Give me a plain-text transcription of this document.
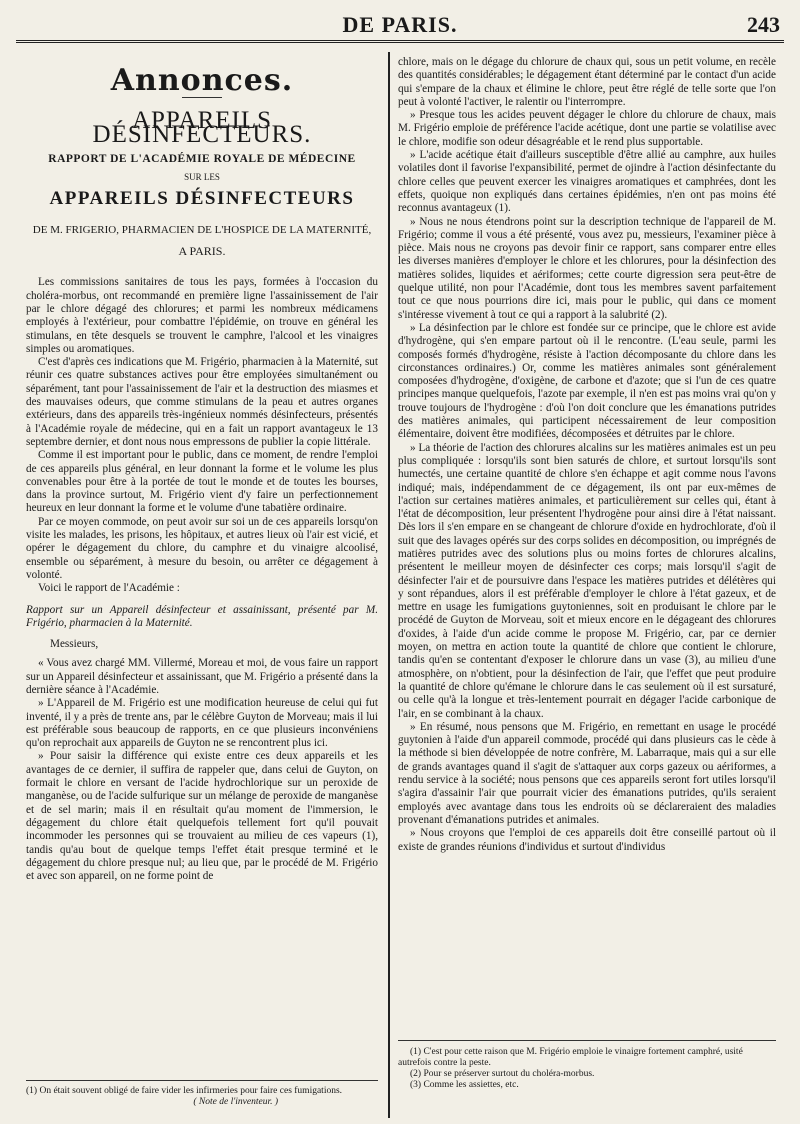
DE PARIS.	243
Annonces.
APPAREILS DÉSINFECTEURS.
RAPPORT DE L'ACADÉMIE ROYALE DE MÉDECINE
SUR LES
APPAREILS DÉSINFECTEURS
DE M. FRIGERIO, PHARMACIEN DE L'HOSPICE DE LA MATERNITÉ,
A PARIS.

Les commissions sanitaires de tous les pays, formées à l'occasion du choléra-morbus, ont recommandé en première ligne l'assainissement de l'air par le chlore dégagé des chlorures; et parmi les nombreux médicamens employés à l'extérieur, pour combattre l'épidémie, on trouve en général les stimulans, en tête desquels se trouvent le camphre, l'alcool et les vinaigres simples ou aromatiques.

C'est d'après ces indications que M. Frigério, pharmacien à la Maternité, sut réunir ces quatre substances actives pour être employées simultanément ou séparément, tant pour l'assainissement de l'air et la destruction des miasmes et des mauvaises odeurs, que comme stimulans de la peau et autres organes extérieurs, dans des appareils très-ingénieux nommés désinfecteurs, présentés à l'Académie royale de médecine, qui en a fait un rapport avantageux le 13 septembre dernier, et dont nous nous empressons de publier la copie littérale.

Comme il est important pour le public, dans ce moment, de rendre l'emploi de ces appareils plus général, en leur donnant la forme et le volume les plus convenables pour être à la portée de tout le monde et de toutes les bourses, dans la province surtout, M. Frigério vient d'y faire un perfectionnement heureux en leur donnant la forme et le volume d'une tabatière ordinaire.

Par ce moyen commode, on peut avoir sur soi un de ces appareils lorsqu'on visite les malades, les prisons, les hôpitaux, et autres lieux où l'air est vicié, et opérer le dégagement du chlore, du camphre et du vinaigre alcoolisé, ensemble ou séparément, à mesure du besoin, ou arrêter ce dégagement à volonté.

Voici le rapport de l'Académie :

Rapport sur un Appareil désinfecteur et assainissant, présenté par M. Frigério, pharmacien à la Maternité.

Messieurs,

« Vous avez chargé MM. Villermé, Moreau et moi, de vous faire un rapport sur un Appareil désinfecteur et assainissant, que M. Frigério a présenté dans la dernière séance à l'Académie.

» L'Appareil de M. Frigério est une modification heureuse de celui qui fut inventé, il y a près de trente ans, par le célèbre Guyton de Morveau; mais il lui est préférable sous beaucoup de rapports, en ce que plusieurs inconvéniens qu'on reprochait aux appareils de Guyton ne se rencontrent plus ici.

» Pour saisir la différence qui existe entre ces deux appareils et les avantages de ce dernier, il suffira de rappeler que, dans celui de Guyton, on formait le chlore en versant de l'acide hydrochlorique sur un peroxide de manganèse, ou de l'acide sulfurique sur un mélange de peroxide de manganèse et de sel marin; mais il en résultait qu'au moment de l'immersion, le dégagement du chlore était quelquefois tellement fort qu'il pouvait incommoder les personnes qui se trouvaient au milieu de ces vapeurs (1), tandis qu'au bout de quelque temps l'effet était presque terminé et le dégagement du chlore presque nul; au lieu que, par le procédé de M. Frigério et avec son appareil, on ne forme point de

(1) On était souvent obligé de faire vider les infirmeries pour faire ces fumigations.
( Note de l'inventeur. )

chlore, mais on le dégage du chlorure de chaux qui, sous un petit volume, en recèle des quantités considérables; le dégagement étant déterminé par le contact d'un acide qui s'empare de la chaux et élimine le chlore, peut être réglé de telle sorte que l'on peut à volonté l'activer, le ralentir ou l'interrompre.

» Presque tous les acides peuvent dégager le chlore du chlorure de chaux, mais M. Frigério emploie de préférence l'acide acétique, dont une partie se volatilise avec le chlore, modifie son odeur désagréable et le rend plus supportable.

» L'acide acétique était d'ailleurs susceptible d'être allié au camphre, aux huiles volatiles dont il favorise l'expansibilité, permet de ojindre à l'action désinfectante du chlore celles que peuvent exercer les vinaigres aromatiques et camphrées, dont les effets, quoique non expliqués dans certaines épidémies, n'en ont pas moins été reconnus avantageux (1).

» Nous ne nous étendrons point sur la description technique de l'appareil de M. Frigério; comme il vous a été présenté, vous avez pu, messieurs, l'examiner pièce à pièce. Mais nous ne croyons pas devoir finir ce rapport, sans comparer entre elles les diverses manières d'employer le chlore et les chlorures, pour la désinfection des matières solides, liquides et aériformes; cette courte digression sera peut-être de quelque utilité, non pour l'Académie, dont tous les membres savent parfaitement tout ce que nous pourrions dire ici, mais pour le public, qui dans ce moment s'intéresse vivement à tout ce qui a rapport à la salubrité (2).

» La désinfection par le chlore est fondée sur ce principe, que le chlore est avide d'hydrogène, qui s'en empare partout où il le rencontre. (L'eau seule, parmi les composés formés d'hydrogène, résiste à l'action décomposante du chlore dans les circonstances ordinaires.) Or, comme les matières animales sont généralement composées d'hydrogène, d'oxigène, de carbone et d'azote; que si l'un de ces quatre principes manque quelquefois, l'azote par exemple, il n'en est pas moins vrai qu'on y trouve toujours de l'hydrogène : d'où l'on doit conclure que les émanations putrides des matières animales, qui participent nécessairement de leur composition élémentaire, doivent être modifiées, décomposées et détruites par le chlore.

» La théorie de l'action des chlorures alcalins sur les matières animales est un peu plus compliquée : lorsqu'ils sont bien saturés de chlore, et surtout lorsqu'ils sont humectés, une certaine quantité de chlore s'en échappe et agit comme nous l'avons indiqué; mais, indépendamment de ce dégagement, ils ont par eux-mêmes de l'action sur certaines matières animales, et particulièrement sur celles qui, étant à l'état de décomposition, leur présentent l'hydrogène pour ainsi dire à l'état naissant. Dès lors il s'en empare en se changeant de chlorure d'oxide en hydrochlorate, d'où il suit que des lavages opérés sur des corps solides en décomposition, ou imprégnés de matières putrides avec des solutions plus ou moins fortes de chlorures alcalins, présentent le meilleur moyen de désinfecter ces corps; mais lorsqu'il s'agit de désinfecter l'air et de poursuivre dans l'espace les matières putrides et délétères qui y sont répandues, alors il est préférable d'employer le chlore à l'état gazeux, et de mettre en usage les fumigations guytoniennes, soit en produisant le chlore par le procédé de Guyton de Morveau, soit et mieux encore en le dégageant des chlorures d'oxides, à l'aide d'un acide comme le propose M. Frigério, car, par ce dernier moyen, on mettra en action toute la quantité de chlore que contient le chlorure, tandis qu'en se contentant d'exposer le chlorure dans un vase (3), au milieu d'une atmosphère, on n'obtient, pour la désinfection de l'air, que l'effet que peut produire la quantité de chlore qu'émane le chlorure dans le cas seulement où il est sursaturé, ou celle qu'à la longue et très-lentement pourrait en dégager l'acide carbonique de l'air, en se combinant à la chaux.

» En résumé, nous pensons que M. Frigério, en remettant en usage le procédé guytonien à l'aide d'un appareil commode, procédé qui dans plusieurs cas le cède à la méthode si bien développée de notre confrère, M. Labarraque, mais qui a sur elle de grands avantages quand il s'agit de s'attaquer aux corps gazeux ou aériformes, a rendu service à la société; nous pensons que ces appareils seront fort utiles lorsqu'il s'agira d'assainir l'air que pourrait vicier des émanations putrides, qu'ils seraient employés avec avantage dans tous les endroits où se déclareraient des maladies provenant d'émanations putrides et animales.

» Nous croyons que l'emploi de ces appareils doit être conseillé partout où il existe de grandes réunions d'individus et surtout d'individus

(1) C'est pour cette raison que M. Frigério emploie le vinaigre fortement camphré, usité autrefois contre la peste.
(2) Pour se préserver surtout du choléra-morbus.
(3) Comme les assiettes, etc.
